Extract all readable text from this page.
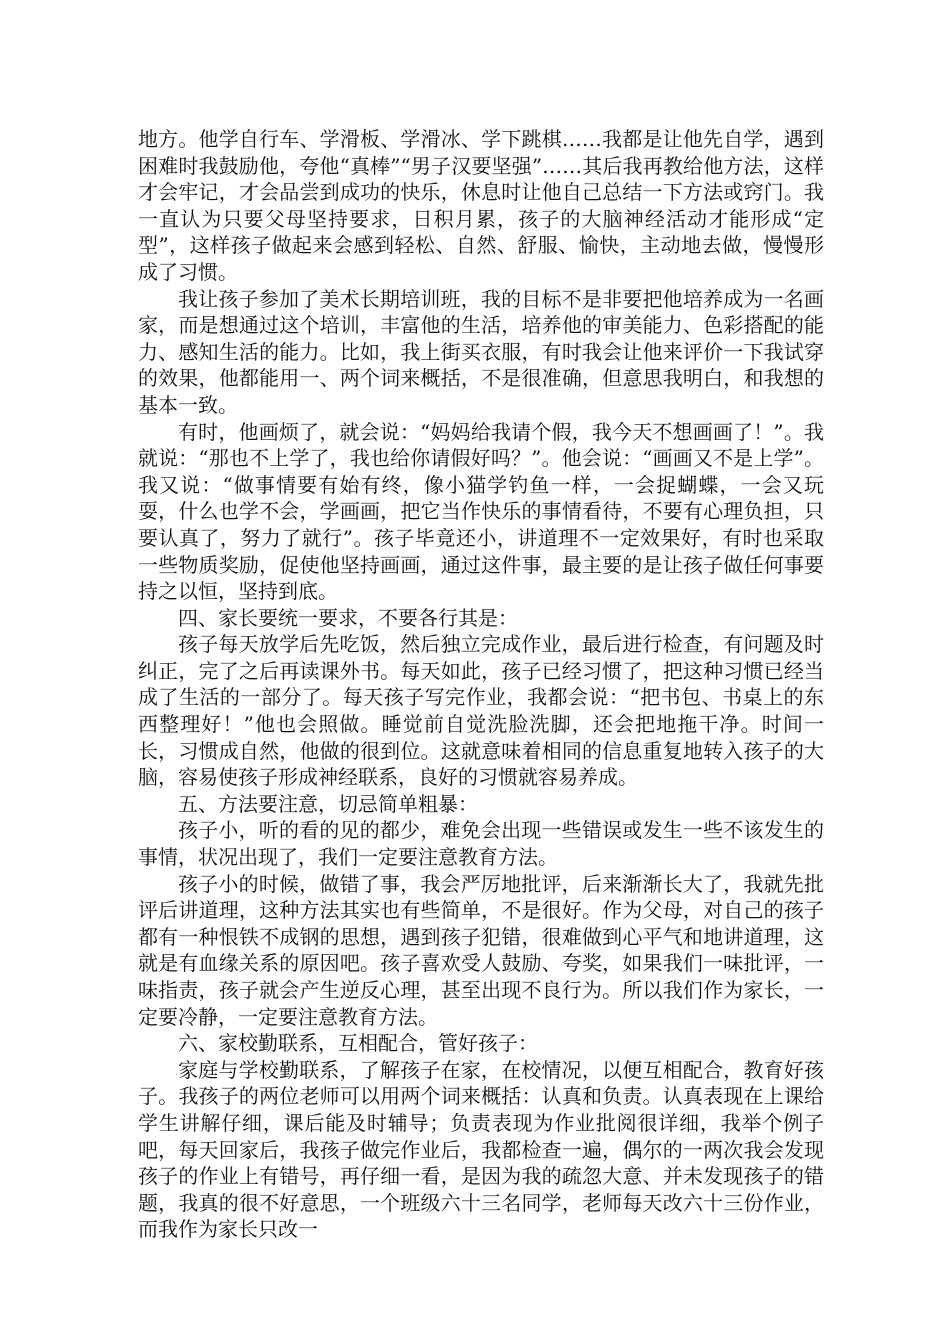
地方。他学自行车、学滑板、学滑冰、学下跳棋……我都是让他先自学，遇到困难时我鼓励他，夸他“真棒”“男子汉要坚强”……其后我再教给他方法，这样才会牢记，才会品尝到成功的快乐，休息时让他自己总结一下方法或窍门。我一直认为只要父母坚持要求，日积月累，孩子的大脑神经活动才能形成“定型”，这样孩子做起来会感到轻松、自然、舒服、愉快，主动地去做，慢慢形成了习惯。

我让孩子参加了美术长期培训班，我的目标不是非要把他培养成为一名画家，而是想通过这个培训，丰富他的生活，培养他的审美能力、色彩搭配的能力、感知生活的能力。比如，我上街买衣服，有时我会让他来评价一下我试穿的效果，他都能用一、两个词来概括，不是很准确，但意思我明白，和我想的基本一致。

有时，他画烦了，就会说：“妈妈给我请个假，我今天不想画画了！”。我就说：“那也不上学了，我也给你请假好吗？”。他会说：“画画又不是上学”。我又说：“做事情要有始有终，像小猫学钓鱼一样，一会捉蝴蝶，一会又玩耍，什么也学不会，学画画，把它当作快乐的事情看待，不要有心理负担，只要认真了，努力了就行”。孩子毕竟还小，讲道理不一定效果好，有时也采取一些物质奖励，促使他坚持画画，通过这件事，最主要的是让孩子做任何事要持之以恒，坚持到底。

四、家长要统一要求，不要各行其是：

孩子每天放学后先吃饭，然后独立完成作业，最后进行检查，有问题及时纠正，完了之后再读课外书。每天如此，孩子已经习惯了，把这种习惯已经当成了生活的一部分了。每天孩子写完作业，我都会说：“把书包、书桌上的东西整理好！”他也会照做。睡觉前自觉洗脸洗脚，还会把地拖干净。时间一长，习惯成自然，他做的很到位。这就意味着相同的信息重复地转入孩子的大脑，容易使孩子形成神经联系，良好的习惯就容易养成。

五、方法要注意，切忌简单粗暴：

孩子小，听的看的见的都少，难免会出现一些错误或发生一些不该发生的事情，状况出现了，我们一定要注意教育方法。

孩子小的时候，做错了事，我会严厉地批评，后来渐渐长大了，我就先批评后讲道理，这种方法其实也有些简单，不是很好。作为父母，对自己的孩子都有一种恨铁不成钢的思想，遇到孩子犯错，很难做到心平气和地讲道理，这就是有血缘关系的原因吧。孩子喜欢受人鼓励、夸奖，如果我们一味批评，一味指责，孩子就会产生逆反心理，甚至出现不良行为。所以我们作为家长，一定要冷静，一定要注意教育方法。

六、家校勤联系，互相配合，管好孩子：

家庭与学校勤联系，了解孩子在家，在校情况，以便互相配合，教育好孩子。我孩子的两位老师可以用两个词来概括：认真和负责。认真表现在上课给学生讲解仔细，课后能及时辅导；负责表现为作业批阅很详细，我举个例子吧，每天回家后，我孩子做完作业后，我都检查一遍，偶尔的一两次我会发现孩子的作业上有错号，再仔细一看，是因为我的疏忽大意、并未发现孩子的错题，我真的很不好意思，一个班级六十三名同学，老师每天改六十三份作业，而我作为家长只改一
